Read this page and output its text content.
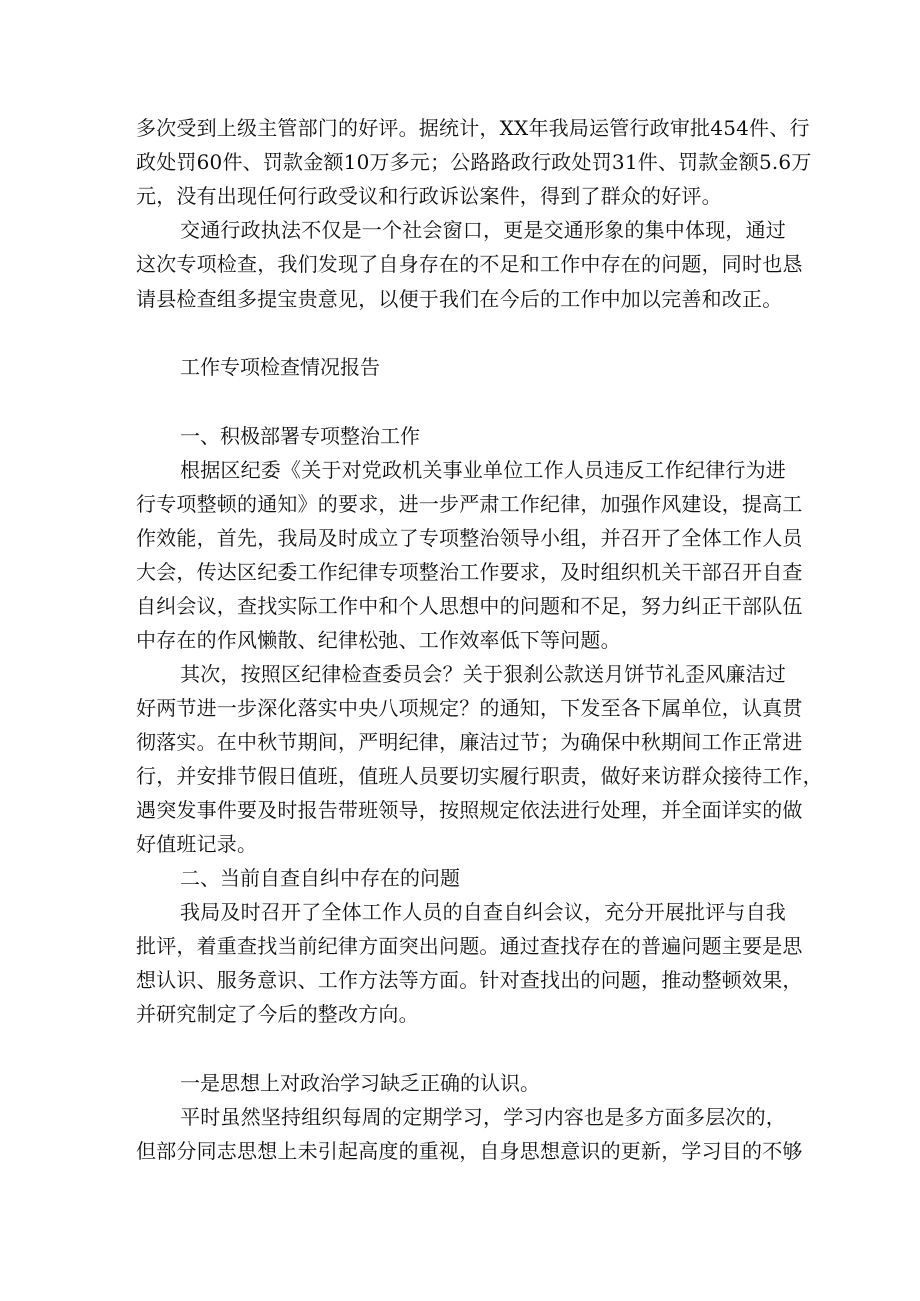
多次受到上级主管部门的好评。据统计，XX年我局运管行政审批454件、行

政处罚60件、罚款金额10万多元；公路路政行政处罚31件、罚款金额5.6万

元，没有出现任何行政受议和行政诉讼案件，得到了群众的好评。

交通行政执法不仅是一个社会窗口，更是交通形象的集中体现，通过

这次专项检查，我们发现了自身存在的不足和工作中存在的问题，同时也恳

请县检查组多提宝贵意见，以便于我们在今后的工作中加以完善和改正。

工作专项检查情况报告

一、积极部署专项整治工作

根据区纪委《关于对党政机关事业单位工作人员违反工作纪律行为进

行专项整顿的通知》的要求，进一步严肃工作纪律，加强作风建设，提高工

作效能，首先，我局及时成立了专项整治领导小组，并召开了全体工作人员

大会，传达区纪委工作纪律专项整治工作要求，及时组织机关干部召开自查

自纠会议，查找实际工作中和个人思想中的问题和不足，努力纠正干部队伍

中存在的作风懒散、纪律松弛、工作效率低下等问题。

其次，按照区纪律检查委员会？关于狠刹公款送月饼节礼歪风廉洁过

好两节进一步深化落实中央八项规定？的通知，下发至各下属单位，认真贯

彻落实。在中秋节期间，严明纪律，廉洁过节；为确保中秋期间工作正常进

行，并安排节假日值班，值班人员要切实履行职责，做好来访群众接待工作，

遇突发事件要及时报告带班领导，按照规定依法进行处理，并全面详实的做

好值班记录。

二、当前自查自纠中存在的问题

我局及时召开了全体工作人员的自查自纠会议，充分开展批评与自我

批评，着重查找当前纪律方面突出问题。通过查找存在的普遍问题主要是思

想认识、服务意识、工作方法等方面。针对查找出的问题，推动整顿效果，

并研究制定了今后的整改方向。

一是思想上对政治学习缺乏正确的认识。

平时虽然坚持组织每周的定期学习，学习内容也是多方面多层次的，

但部分同志思想上未引起高度的重视，自身思想意识的更新，学习目的不够
